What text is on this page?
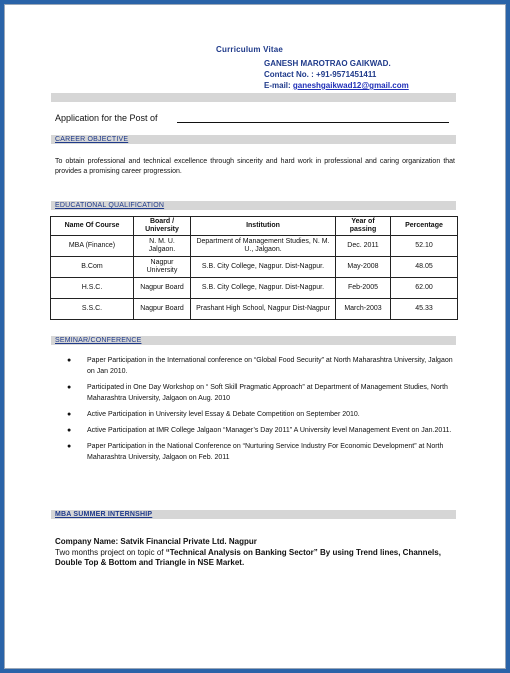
Curriculum Vitae
GANESH MAROTRAO GAIKWAD.
Contact No. : +91-9571451411
E-mail: ganeshgaikwad12@gmail.com
Application for the Post of
CAREER OBJECTIVE
To obtain professional and technical excellence through sincerity and hard work in professional and caring organization that provides a promising career progression.
EDUCATIONAL QUALIFICATION
Name Of Course	Board / University	Institution	Year of passing	Percentage
MBA (Finance)	N. M. U. Jalgaon.	Department of Management Studies, N. M. U., Jalgaon.	Dec. 2011	52.10
B.Com	Nagpur University	S.B. City College, Nagpur. Dist-Nagpur.	May-2008	48.05
H.S.C.	Nagpur Board	S.B. City College, Nagpur. Dist-Nagpur.	Feb-2005	62.00
S.S.C.	Nagpur Board	Prashant High School, Nagpur Dist-Nagpur	March-2003	45.33
SEMINAR/CONFERENCE
● Paper Participation in the International conference on “Global Food Security” at North Maharashtra University, Jalgaon on Jan 2010.
● Participated in One Day Workshop on “ Soft Skill Pragmatic Approach” at Department of Management Studies, North Maharashtra University, Jalgaon on Aug. 2010
● Active Participation in University level Essay & Debate Competition on September 2010.
● Active Participation at IMR College Jalgaon “Manager’s Day 2011” A University level Management Event on Jan.2011.
● Paper Participation in the National Conference on “Nurturing Service Industry For Economic Development” at North Maharashtra University, Jalgaon on Feb. 2011
MBA SUMMER INTERNSHIP
Company Name: Satvik Financial Private Ltd. Nagpur
Two months project on topic of “Technical Analysis on Banking Sector” By using Trend lines, Channels, Double Top & Bottom and Triangle in NSE Market.
